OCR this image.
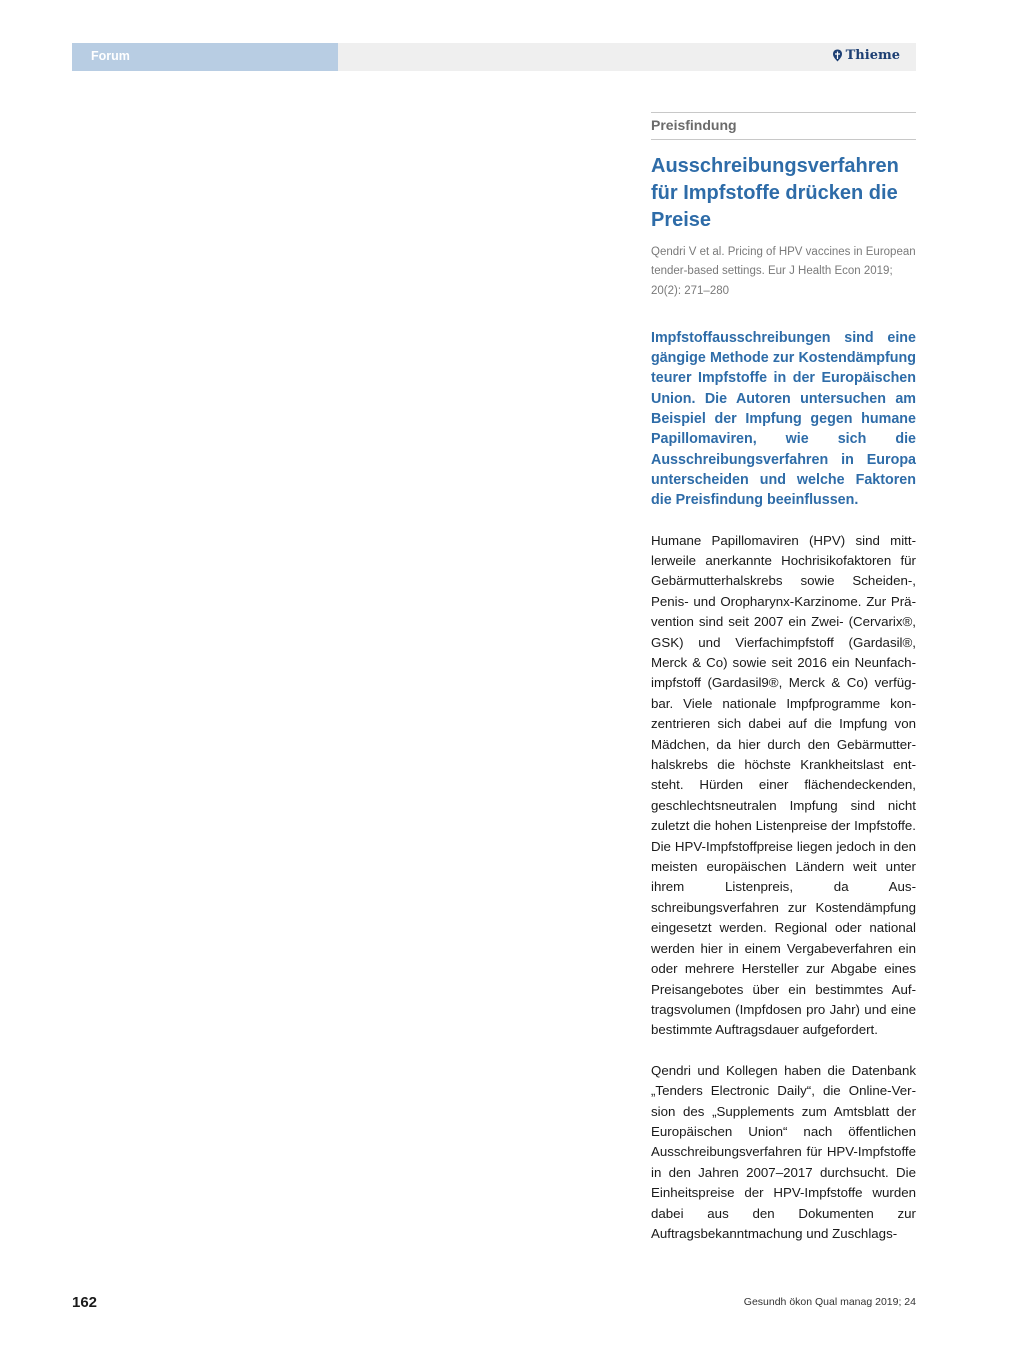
Forum	Thieme
Preisfindung
Ausschreibungsverfahren für Impfstoffe drücken die Preise
Qendri V et al. Pricing of HPV vaccines in European tender-based settings. Eur J Health Econ 2019; 20(2): 271–280

Impfstoffausschreibungen sind eine gängige Methode zur Kostendämpfung teurer Impfstoffe in der Europäischen Union. Die Autoren untersuchen am Beispiel der Impfung gegen humane Papillomaviren, wie sich die Ausschreibungsverfahren in Europa unterscheiden und welche Faktoren die Preisfindung beeinflussen.

Humane Papillomaviren (HPV) sind mittlerweile anerkannte Hochrisikofaktoren für Gebärmutterhalskrebs sowie Scheiden-, Penis- und Oropharynx-Karzinome. Zur Prävention sind seit 2007 ein Zwei- (Cervarix®, GSK) und Vierfachimpfstoff (Gardasil®, Merck & Co) sowie seit 2016 ein Neunfachimpfstoff (Gardasil9®, Merck & Co) verfügbar. Viele nationale Impfprogramme konzentrieren sich dabei auf die Impfung von Mädchen, da hier durch den Gebärmutterhalskrebs die höchste Krankheitslast entsteht. Hürden einer flächendeckenden, geschlechtsneutralen Impfung sind nicht zuletzt die hohen Listenpreise der Impfstoffe. Die HPV-Impfstoffpreise liegen jedoch in den meisten europäischen Ländern weit unter ihrem Listenpreis, da Ausschreibungsverfahren zur Kostendämpfung eingesetzt werden. Regional oder national werden hier in einem Vergabeverfahren ein oder mehrere Hersteller zur Abgabe eines Preisangebotes über ein bestimmtes Auftragsvolumen (Impfdosen pro Jahr) und eine bestimmte Auftragsdauer aufgefordert.

Qendri und Kollegen haben die Datenbank „Tenders Electronic Daily“, die Online-Version des „Supplements zum Amtsblatt der Europäischen Union“ nach öffentlichen Ausschreibungsverfahren für HPV-Impfstoffe in den Jahren 2007–2017 durchsucht. Die Einheitspreise der HPV-Impfstoffe wurden dabei aus den Dokumenten zur Auftragsbekanntmachung und Zuschlags-

162	Gesundh ökon Qual manag 2019; 24
